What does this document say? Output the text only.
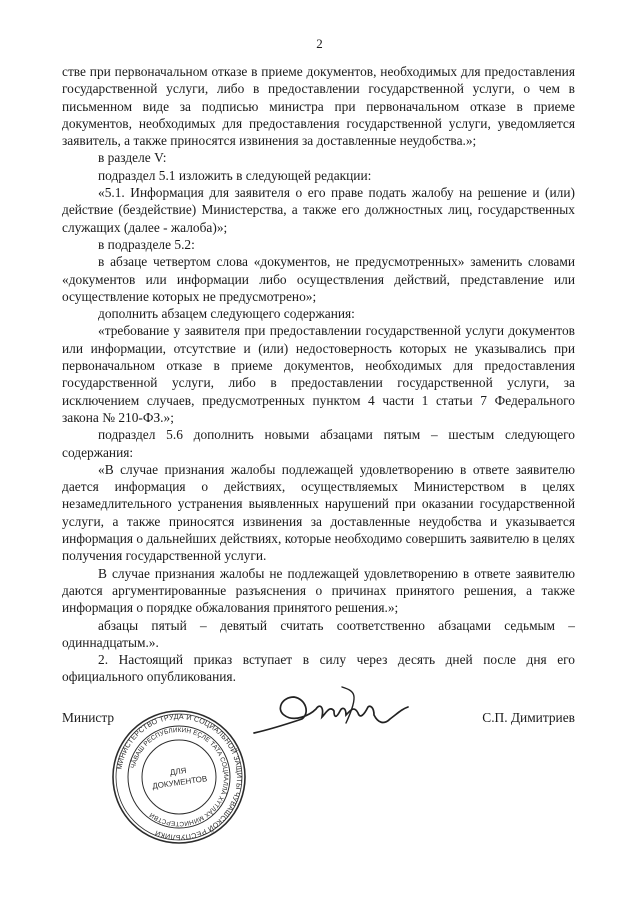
2

стве при первоначальном отказе в приеме документов, необходимых для предоставления государственной услуги, либо в предоставлении государственной услуги, о чем в письменном виде за подписью министра при первоначальном отказе в приеме документов, необходимых для предоставления государственной услуги, уведомляется заявитель, а также приносятся извинения за доставленные неудобства.»;

в разделе V:

подраздел 5.1 изложить в следующей редакции:

«5.1. Информация для заявителя о его праве подать жалобу на решение и (или) действие (бездействие) Министерства, а также его должностных лиц, государственных служащих (далее - жалоба)»;

в подразделе 5.2:

в абзаце четвертом слова «документов, не предусмотренных» заменить словами «документов или информации либо осуществления действий, представление или осуществление которых не предусмотрено»;

дополнить абзацем следующего содержания:

«требование у заявителя при предоставлении государственной услуги документов или информации, отсутствие и (или) недостоверность которых не указывались при первоначальном отказе в приеме документов, необходимых для предоставления государственной услуги, либо в предоставлении государственной услуги, за исключением случаев, предусмотренных пунктом 4 части 1 статьи 7 Федерального закона № 210-ФЗ.»;

подраздел 5.6 дополнить новыми абзацами пятым – шестым следующего содержания:

«В случае признания жалобы подлежащей удовлетворению в ответе заявителю дается информация о действиях, осуществляемых Министерством в целях незамедлительного устранения выявленных нарушений при оказании государственной услуги, а также приносятся извинения за доставленные неудобства и указывается информация о дальнейших действиях, которые необходимо совершить заявителю в целях получения государственной услуги.

В случае признания жалобы не подлежащей удовлетворению в ответе заявителю даются аргументированные разъяснения о причинах принятого решения, а также информация о порядке обжалования принятого решения.»;

абзацы пятый – девятый считать соответственно абзацами седьмым – одиннадцатым.».

2. Настоящий приказ вступает в силу через десять дней после дня его официального опубликования.

Министр	С.П. Димитриев
МИНИСТЕРСТВО ТРУДА И СОЦИАЛЬНОЙ ЗАЩИТЫ ЧУВАШСКОЙ РЕСПУБЛИКИ
ЧӐВАШ РЕСПУБЛИКИН ЕҪЛЕ ТАТА СОЦИАЛЛӐ ХҮТЛӐХ МИНИСТЕРСТВИ
ДЛЯ
ДОКУМЕНТОВ
